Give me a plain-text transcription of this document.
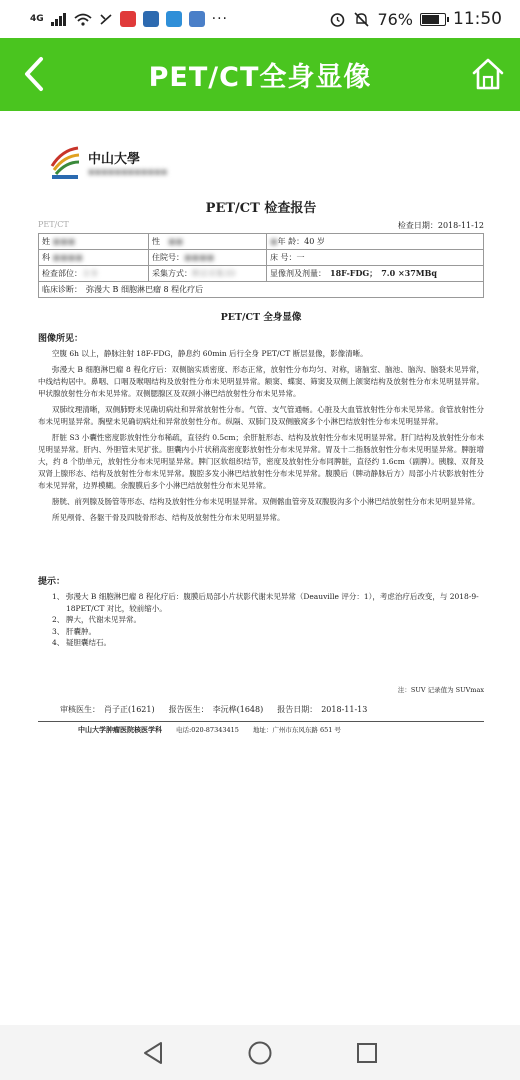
4G	···	76% 11:50
PET/CT全身显像
中山大學
■■■■■■■■■■■■
PET/CT 检查报告
PET/CT	检查日期：2018-11-12
姓 ■■■	性　 ■■	■年 龄：40 岁
科 ■■■■	住院号：■■■■	床 号：一
检查部位：全身	采集方式：断层采集3D	显像剂及剂量：　 18F-FDG；　 7.0 ×37MBq
临床诊断：　 弥漫大 B 细胞淋巴瘤 8 程化疗后		
PET/CT 全身显像
图像所见：
空腹 6h 以上，静脉注射 18F-FDG，静息约 60min 后行全身 PET/CT 断层显像，影像清晰。
弥漫大 B 细胞淋巴瘤 8 程化疗后：双侧脑实质密度、形态正常，放射性分布均匀、对称，诸脑室、脑池、脑沟、脑裂未见异常，中线结构居中。鼻咽、口咽及喉咽结构及放射性分布未见明显异常。额窦、蝶窦、筛窦及双侧上颌窦结构及放射性分布未见明显异常。甲状腺放射性分布未见异常。双侧腮腺区及双颈小淋巴结放射性分布未见异常。
双肺纹理清晰，双侧肺野未见确切病灶和异常放射性分布。气管、支气管通畅。心脏及大血管放射性分布未见异常。食管放射性分布未见明显异常。胸壁未见确切病灶和异常放射性分布。纵隔、双肺门及双侧腋窝多个小淋巴结放射性分布未见明显异常。
肝脏 S3 小囊性密度影放射性分布稀疏，直径约 0.5cm；余肝脏形态、结构及放射性分布未见明显异常。肝门结构及放射性分布未见明显异常。肝内、外胆管未见扩张。胆囊内小片状稍高密度影放射性分布未见异常。胃及十二指肠放射性分布未见明显异常。脾脏增大，约 8 个肋单元，放射性分布未见明显异常。脾门区软组织结节，密度及放射性分布同脾脏，直径约 1.6cm（副脾）。胰腺、双肾及双肾上腺形态、结构及放射性分布未见异常。腹腔多发小淋巴结放射性分布未见异常。腹膜后（脾动静脉后方）局部小片状影放射性分布未见异常，边界模糊。余腹膜后多个小淋巴结放射性分布未见异常。
膀胱、前列腺及肠管等形态、结构及放射性分布未见明显异常。双侧髂血管旁及双腹股沟多个小淋巴结放射性分布未见明显异常。
所见颅骨、各躯干骨及四肢骨形态、结构及放射性分布未见明显异常。
提示：
1、 弥漫大 B 细胞淋巴瘤 8 程化疗后：腹膜后局部小片状影代谢未见异常（Deauville 评分：1），考虑治疗后改变，与 2018-9-18PET/CT 对比，较前缩小。
2、 脾大，代谢未见异常。
3、 肝囊肿。
4、 疑胆囊结石。
注：SUV 记录值为 SUVmax
审核医生：　肖子正(1621) 报告医生：　李沅桦(1648) 报告日期：　2018-11-13
中山大学肿瘤医院核医学科 电话:020-87343415 地址：广州市东风东路 651 号
